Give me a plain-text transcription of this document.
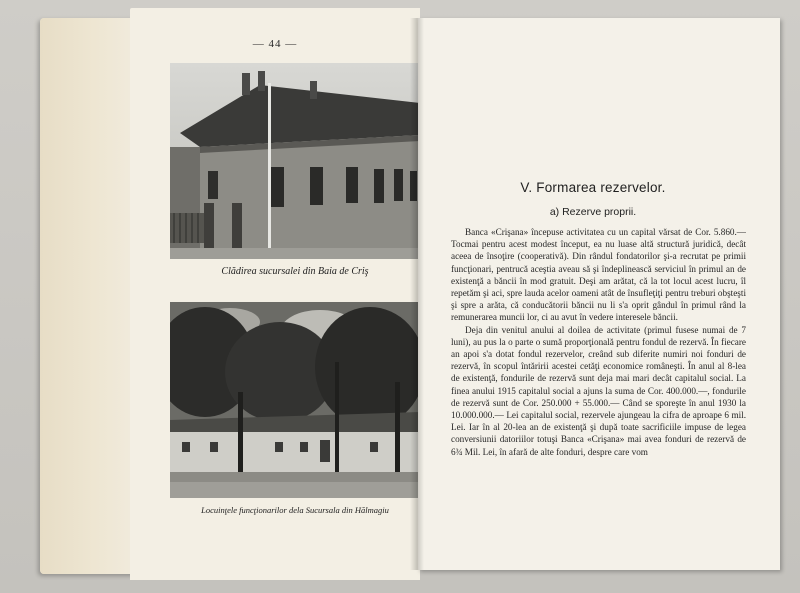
— 44 —
Clădirea sucursalei din Baia de Criş
Locuinţele funcţionarilor dela Sucursala din Hălmagiu
V. Formarea rezervelor.
a) Rezerve proprii.

Banca «Crişana» începuse activitatea cu un capital vărsat de Cor. 5.860.— Tocmai pentru acest modest început, ea nu luase altă structură juridică, decât aceea de însoţire (cooperativă). Din rândul fondatorilor şi-a recrutat pe primii funcţionari, pentrucă aceştia aveau să şi îndeplinească serviciul în primul an de existenţă a băncii în mod gratuit. Deşi am arătat, că la tot locul acest lucru, îl repetăm şi aci, spre lauda acelor oameni atât de însufleţiţi pentru treburi obşteşti şi spre a arăta, că conducătorii băncii nu li s'a oprit gândul în primul rând la remunerarea muncii lor, ci au avut în vedere interesele băncii.

Deja din venitul anului al doilea de activitate (primul fusese numai de 7 luni), au pus la o parte o sumă proporţională pentru fondul de rezervă. În fiecare an apoi s'a dotat fondul rezervelor, creând sub diferite numiri noi fonduri de rezervă, în scopul întăririi acestei cetăţi economice româneşti. În anul al 8-lea de existenţă, fondurile de rezervă sunt deja mai mari decât capitalul social. La finea anului 1915 capitalul social a ajuns la suma de Cor. 400.000.—, fondurile de rezervă sunt de Cor. 250.000 + 55.000.— Când se sporeşte în anul 1930 la 10.000.000.— Lei capitalul social, rezervele ajungeau la cifra de aproape 6 mil. Lei. Iar în al 20-lea an de existenţă şi după toate sacrificiile impuse de legea conversiunii datoriilor totuşi Banca «Crişana» mai avea fonduri de rezervă de 6¾ Mil. Lei, în afară de alte fonduri, despre care vom
